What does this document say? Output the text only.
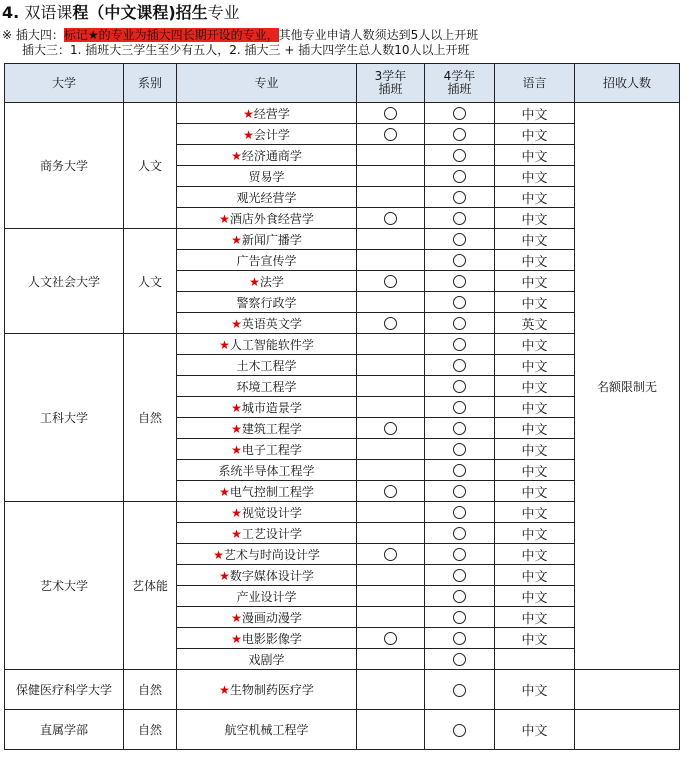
4. 双语课程（中文课程)招生专业
※ 插大四：标记★的专业为插大四长期开设的专业，其他专业申请人数须达到5人以上开班
插大三：1. 插班大三学生至少有五人，2. 插大三 + 插大四学生总人数10人以上开班
大学	系别	专业	3学年 插班	4学年 插班	语言	招收人数
商务大学	人文	★经营学			中文	名额限制无
		★会计学			中文	
		★经济通商学			中文	
		贸易学			中文	
		观光经营学			中文	
		★酒店外食经营学			中文	
人文社会大学	人文	★新闻广播学			中文	
		广告宣传学			中文	
		★法学			中文	
		警察行政学			中文	
		★英语英文学			英文	
工科大学	自然	★人工智能软件学			中文	
		土木工程学			中文	
		环境工程学			中文	
		★城市造景学			中文	
		★建筑工程学			中文	
		★电子工程学			中文	
		系统半导体工程学			中文	
		★电气控制工程学			中文	
艺术大学	艺体能	★视觉设计学			中文	
		★工艺设计学			中文	
		★艺术与时尚设计学			中文	
		★数字媒体设计学			中文	
		产业设计学			中文	
		★漫画动漫学			中文	
		★电影影像学			中文	
		戏剧学				
保健医疗科学大学	自然	★生物制药医疗学			中文	
直属学部	自然	航空机械工程学			中文	
